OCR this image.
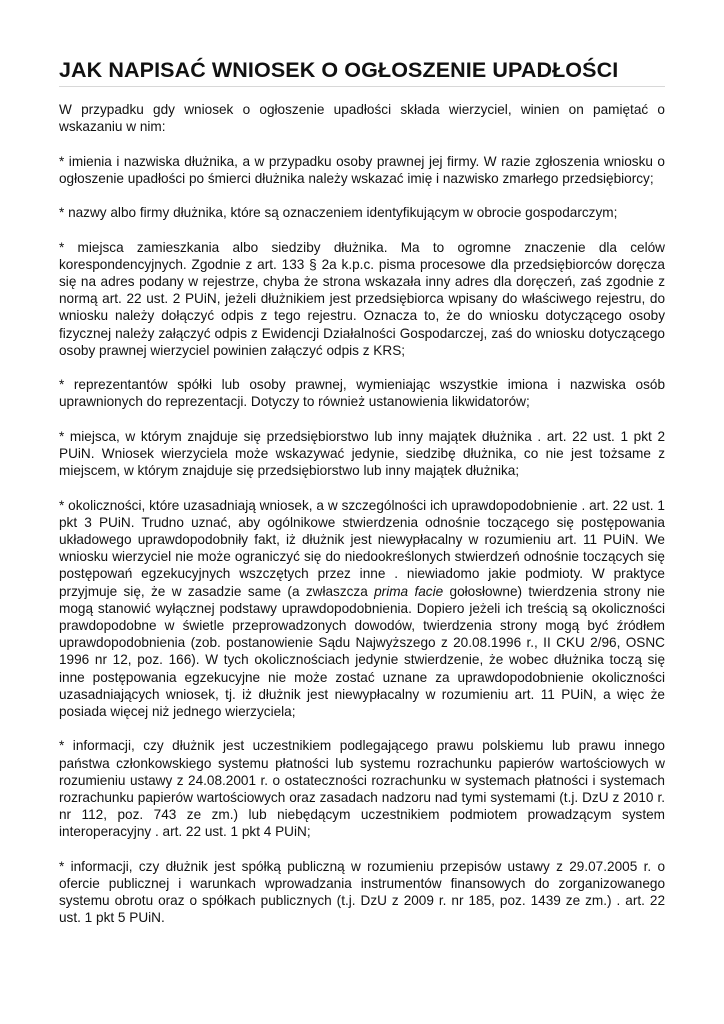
JAK NAPISAĆ WNIOSEK O OGŁOSZENIE UPADŁOŚCI

W przypadku gdy wniosek o ogłoszenie upadłości składa wierzyciel, winien on pamiętać o wskazaniu w nim:

* imienia i nazwiska dłużnika, a w przypadku osoby prawnej jej firmy. W razie zgłoszenia wniosku o ogłoszenie upadłości po śmierci dłużnika należy wskazać imię i nazwisko zmarłego przedsiębiorcy;

* nazwy albo firmy dłużnika, które są oznaczeniem identyfikującym w obrocie gospodarczym;

* miejsca zamieszkania albo siedziby dłużnika. Ma to ogromne znaczenie dla celów korespondencyjnych. Zgodnie z art. 133 § 2a k.p.c. pisma procesowe dla przedsiębiorców doręcza się na adres podany w rejestrze, chyba że strona wskazała inny adres dla doręczeń, zaś zgodnie z normą art. 22 ust. 2 PUiN, jeżeli dłużnikiem jest przedsiębiorca wpisany do właściwego rejestru, do wniosku należy dołączyć odpis z tego rejestru. Oznacza to, że do wniosku dotyczącego osoby fizycznej należy załączyć odpis z Ewidencji Działalności Gospodarczej, zaś do wniosku dotyczącego osoby prawnej wierzyciel powinien załączyć odpis z KRS;

* reprezentantów spółki lub osoby prawnej, wymieniając wszystkie imiona i nazwiska osób uprawnionych do reprezentacji. Dotyczy to również ustanowienia likwidatorów;

* miejsca, w którym znajduje się przedsiębiorstwo lub inny majątek dłużnika . art. 22 ust. 1 pkt 2 PUiN. Wniosek wierzyciela może wskazywać jedynie, siedzibę dłużnika, co nie jest tożsame z miejscem, w którym znajduje się przedsiębiorstwo lub inny majątek dłużnika;

* okoliczności, które uzasadniają wniosek, a w szczególności ich uprawdopodobnienie . art. 22 ust. 1 pkt 3 PUiN. Trudno uznać, aby ogólnikowe stwierdzenia odnośnie toczącego się postępowania układowego uprawdopodobniły fakt, iż dłużnik jest niewypłacalny w rozumieniu art. 11 PUiN. We wniosku wierzyciel nie może ograniczyć się do niedookreślonych stwierdzeń odnośnie toczących się postępowań egzekucyjnych wszczętych przez inne . niewiadomo jakie podmioty. W praktyce przyjmuje się, że w zasadzie same (a zwłaszcza prima facie gołosłowne) twierdzenia strony nie mogą stanowić wyłącznej podstawy uprawdopodobnienia. Dopiero jeżeli ich treścią są okoliczności prawdopodobne w świetle przeprowadzonych dowodów, twierdzenia strony mogą być źródłem uprawdopodobnienia (zob. postanowienie Sądu Najwyższego z 20.08.1996 r., II CKU 2/96, OSNC 1996 nr 12, poz. 166). W tych okolicznościach jedynie stwierdzenie, że wobec dłużnika toczą się inne postępowania egzekucyjne nie może zostać uznane za uprawdopodobnienie okoliczności uzasadniających wniosek, tj. iż dłużnik jest niewypłacalny w rozumieniu art. 11 PUiN, a więc że posiada więcej niż jednego wierzyciela;

* informacji, czy dłużnik jest uczestnikiem podlegającego prawu polskiemu lub prawu innego państwa członkowskiego systemu płatności lub systemu rozrachunku papierów wartościowych w rozumieniu ustawy z 24.08.2001 r. o ostateczności rozrachunku w systemach płatności i systemach rozrachunku papierów wartościowych oraz zasadach nadzoru nad tymi systemami (t.j. DzU z 2010 r. nr 112, poz. 743 ze zm.) lub niebędącym uczestnikiem podmiotem prowadzącym system interoperacyjny . art. 22 ust. 1 pkt 4 PUiN;

* informacji, czy dłużnik jest spółką publiczną w rozumieniu przepisów ustawy z 29.07.2005 r. o ofercie publicznej i warunkach wprowadzania instrumentów finansowych do zorganizowanego systemu obrotu oraz o spółkach publicznych (t.j. DzU z 2009 r. nr 185, poz. 1439 ze zm.) . art. 22 ust. 1 pkt 5 PUiN.
